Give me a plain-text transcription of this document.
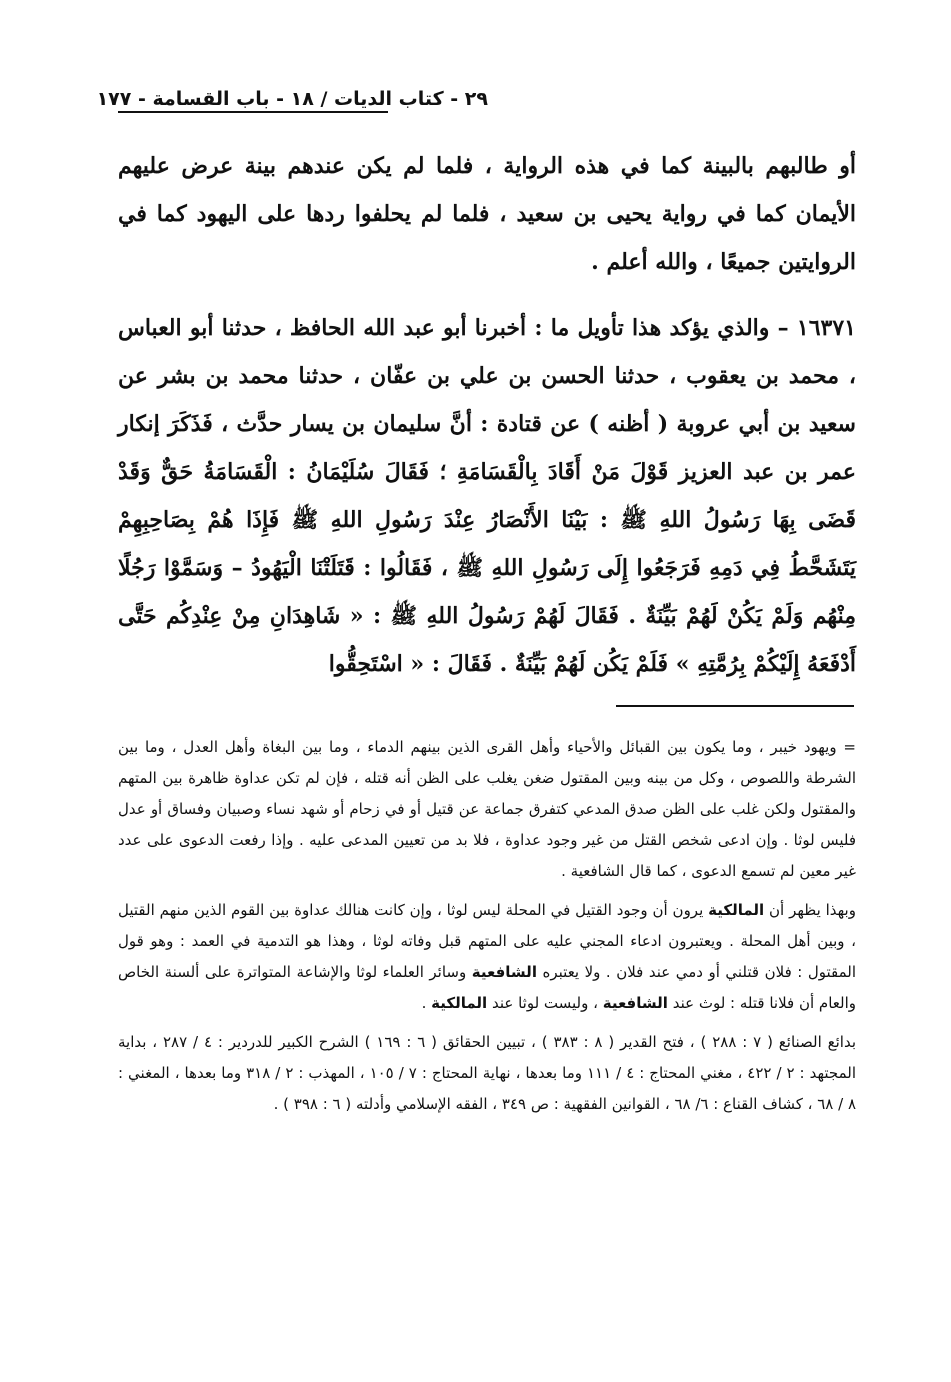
٢٩ - كتاب الديات / ١٨ - باب القسامة - ١٧٧

أو طالبهم بالبينة كما في هذه الرواية ، فلما لم يكن عندهم بينة عرض عليهم الأيمان كما في رواية يحيى بن سعيد ، فلما لم يحلفوا ردها على اليهود كما في الروايتين جميعًا ، والله أعلم .

١٦٣٧١ – والذي يؤكد هذا تأويل ما : أخبرنا أبو عبد الله الحافظ ، حدثنا أبو العباس ، محمد بن يعقوب ، حدثنا الحسن بن علي بن عفّان ، حدثنا محمد بن بشر عن سعيد بن أبي عروبة ( أظنه ) عن قتادة : أنَّ سليمان بن يسار حدَّث ، فَذَكَرَ إنكار عمر بن عبد العزيز قَوْلَ مَنْ أَقَادَ بِالْقَسَامَةِ ؛ فَقَالَ سُلَيْمَانُ : الْقَسَامَةُ حَقٌّ وَقَدْ قَضَى بِهَا رَسُولُ اللهِ ﷺ : بَيْنَا الأَنْصَارُ عِنْدَ رَسُولِ اللهِ ﷺ فَإِذَا هُمْ بِصَاحِبِهِمْ يَتَشَحَّطُ فِي دَمِهِ فَرَجَعُوا إِلَى رَسُولِ اللهِ ﷺ ، فَقَالُوا : قَتَلَتْنَا الْيَهُودُ – وَسَمَّوْا رَجُلًا مِنْهُم وَلَمْ يَكُنْ لَهُمْ بَيِّنَةٌ . فَقَالَ لَهُمْ رَسُولُ اللهِ ﷺ : « شَاهِدَانِ مِنْ عِنْدِكُم حَتَّى أَدْفَعَهُ إِلَيْكُمْ بِرُمَّتِهِ » فَلَمْ يَكُن لَهُمْ بَيِّنَةٌ . فَقَالَ : « اسْتَحِقُّوا

= ويهود خيبر ، وما يكون بين القبائل والأحياء وأهل القرى الذين بينهم الدماء ، وما بين البغاة وأهل العدل ، وما بين الشرطة واللصوص ، وكل من بينه وبين المقتول ضغن يغلب على الظن أنه قتله ، فإن لم تكن عداوة ظاهرة بين المتهم والمقتول ولكن غلب على الظن صدق المدعي كتفرق جماعة عن قتيل أو في زحام أو شهد نساء وصبيان وفساق أو عدل فليس لوثا . وإن ادعى شخص القتل من غير وجود عداوة ، فلا بد من تعيين المدعى عليه . وإذا رفعت الدعوى على عدد غير معين لم تسمع الدعوى ، كما قال الشافعية .

وبهذا يظهر أن المالكية يرون أن وجود القتيل في المحلة ليس لوثا ، وإن كانت هنالك عداوة بين القوم الذين منهم القتيل ، وبين أهل المحلة . ويعتبرون ادعاء المجني عليه على المتهم قبل وفاته لوثا ، وهذا هو التدمية في العمد : وهو قول المقتول : فلان قتلني أو دمي عند فلان . ولا يعتبره الشافعية وسائر العلماء لوثا والإشاعة المتواترة على ألسنة الخاص والعام أن فلانا قتله : لوث عند الشافعية ، وليست لوثا عند المالكية .

بدائع الصنائع ( ٧ : ٢٨٨ ) ، فتح القدير ( ٨ : ٣٨٣ ) ، تبيين الحقائق ( ٦ : ١٦٩ ) الشرح الكبير للدردير : ٤ / ٢٨٧ ، بداية المجتهد : ٢ / ٤٢٢ ، مغني المحتاج : ٤ / ١١١ وما بعدها ، نهاية المحتاج : ٧ / ١٠٥ ، المهذب : ٢ / ٣١٨ وما بعدها ، المغني : ٨ / ٦٨ ، كشاف القناع : ٦/ ٦٨ ، القوانين الفقهية : ص ٣٤٩ ، الفقه الإسلامي وأدلته ( ٦ : ٣٩٨ ) .
